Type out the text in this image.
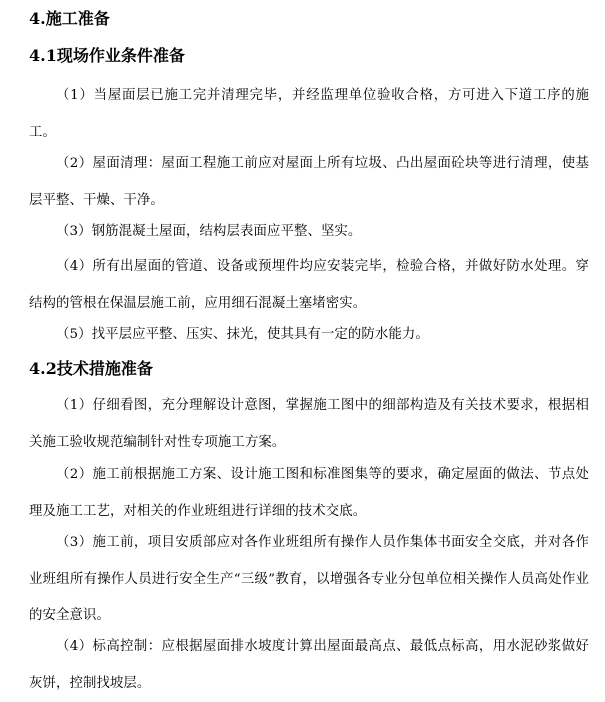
4.施工准备
4.1现场作业条件准备
（1）当屋面层已施工完并清理完毕，并经监理单位验收合格，方可进入下道工序的施工。
（2）屋面清理：屋面工程施工前应对屋面上所有垃圾、凸出屋面砼块等进行清理，使基层平整、干燥、干净。
（3）钢筋混凝土屋面，结构层表面应平整、坚实。
（4）所有出屋面的管道、设备或预埋件均应安装完毕，检验合格，并做好防水处理。穿结构的管根在保温层施工前，应用细石混凝土塞堵密实。
（5）找平层应平整、压实、抹光，使其具有一定的防水能力。
4.2技术措施准备
（1）仔细看图，充分理解设计意图，掌握施工图中的细部构造及有关技术要求，根据相关施工验收规范编制针对性专项施工方案。
（2）施工前根据施工方案、设计施工图和标准图集等的要求，确定屋面的做法、节点处理及施工工艺，对相关的作业班组进行详细的技术交底。
（3）施工前，项目安质部应对各作业班组所有操作人员作集体书面安全交底，并对各作业班组所有操作人员进行安全生产“三级”教育，以增强各专业分包单位相关操作人员高处作业的安全意识。
（4）标高控制：应根据屋面排水坡度计算出屋面最高点、最低点标高，用水泥砂浆做好灰饼，控制找坡层。
